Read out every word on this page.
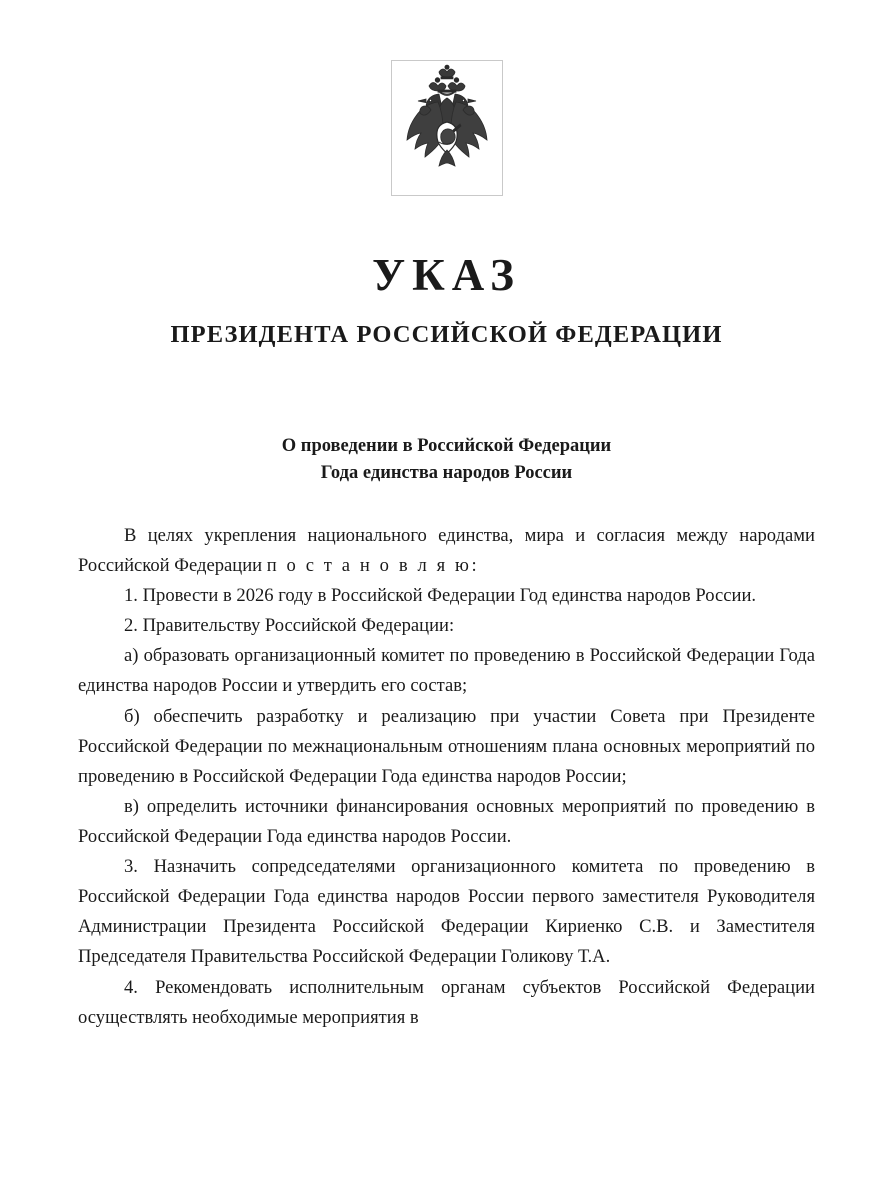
УКАЗ
ПРЕЗИДЕНТА РОССИЙСКОЙ ФЕДЕРАЦИИ
О проведении в Российской Федерации
Года единства народов России

В целях укрепления национального единства, мира и согласия между народами Российской Федерации п о с т а н о в л я ю:

1. Провести в 2026 году в Российской Федерации Год единства народов России.

2. Правительству Российской Федерации:

а) образовать организационный комитет по проведению в Российской Федерации Года единства народов России и утвердить его состав;

б) обеспечить разработку и реализацию при участии Совета при Президенте Российской Федерации по межнациональным отношениям плана основных мероприятий по проведению в Российской Федерации Года единства народов России;

в) определить источники финансирования основных мероприятий по проведению в Российской Федерации Года единства народов России.

3. Назначить сопредседателями организационного комитета по проведению в Российской Федерации Года единства народов России первого заместителя Руководителя Администрации Президента Российской Федерации Кириенко С.В. и Заместителя Председателя Правительства Российской Федерации Голикову Т.А.

4. Рекомендовать исполнительным органам субъектов Российской Федерации осуществлять необходимые мероприятия в
